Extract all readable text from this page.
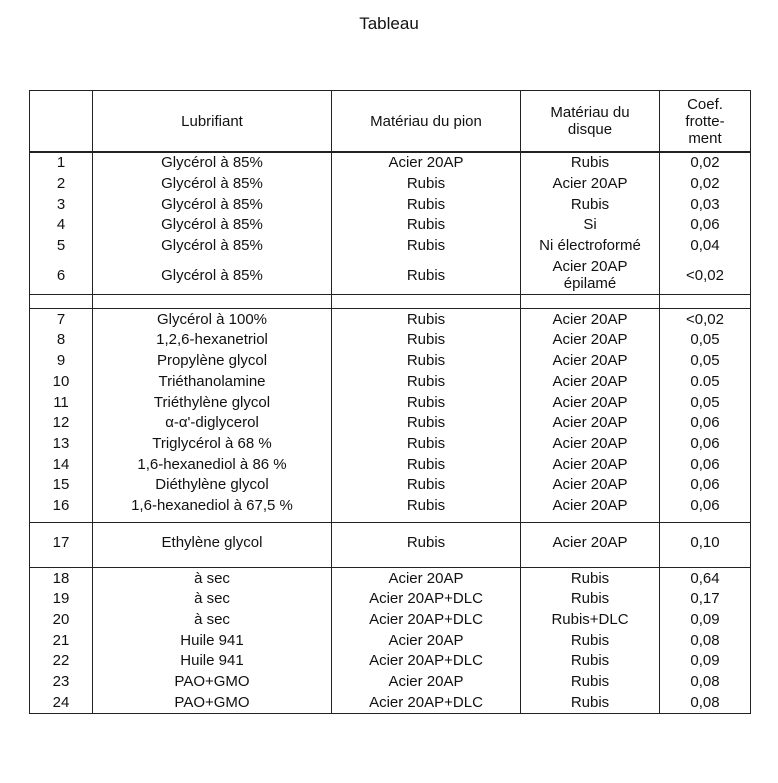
Tableau
	Lubrifiant	Matériau du pion	Matériau du disque	Coef. frotte-ment
1	Glycérol à 85%	Acier 20AP	Rubis	0,02
2	Glycérol à 85%	Rubis	Acier 20AP	0,02
3	Glycérol à 85%	Rubis	Rubis	0,03
4	Glycérol à 85%	Rubis	Si	0,06
5	Glycérol à 85%	Rubis	Ni électroformé	0,04
6	Glycérol à 85%	Rubis	Acier 20AP épilamé	<0,02

7	Glycérol à 100%	Rubis	Acier 20AP	<0,02
8	1,2,6-hexanetriol	Rubis	Acier 20AP	0,05
9	Propylène glycol	Rubis	Acier 20AP	0,05
10	Triéthanolamine	Rubis	Acier 20AP	0.05
11	Triéthylène glycol	Rubis	Acier 20AP	0,05
12	α-α'-diglycerol	Rubis	Acier 20AP	0,06
13	Triglycérol à 68 %	Rubis	Acier 20AP	0,06
14	1,6-hexanediol à 86 %	Rubis	Acier 20AP	0,06
15	Diéthylène glycol	Rubis	Acier 20AP	0,06
16	1,6-hexanediol à 67,5 %	Rubis	Acier 20AP	0,06

17	Ethylène glycol	Rubis	Acier 20AP	0,10

18	à sec	Acier 20AP	Rubis	0,64
19	à sec	Acier 20AP+DLC	Rubis	0,17
20	à sec	Acier 20AP+DLC	Rubis+DLC	0,09
21	Huile 941	Acier 20AP	Rubis	0,08
22	Huile 941	Acier 20AP+DLC	Rubis	0,09
23	PAO+GMO	Acier 20AP	Rubis	0,08
24	PAO+GMO	Acier 20AP+DLC	Rubis	0,08
